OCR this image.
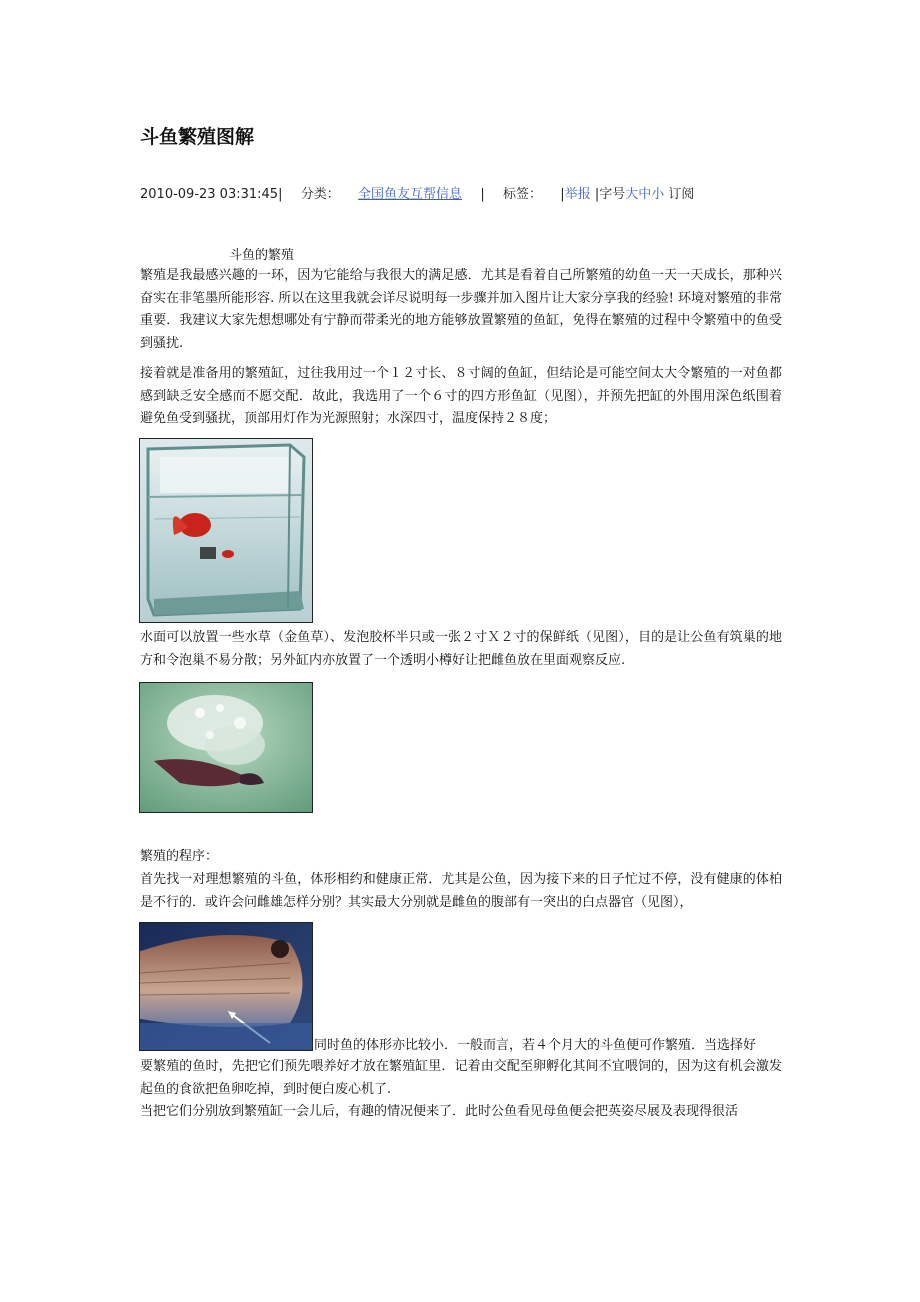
斗鱼繁殖图解
2010-09-23 03:31:45| 分类： 全国鱼友互帮信息 | 标签： |举报 |字号大中小 订阅
斗鱼的繁殖

繁殖是我最感兴趣的一环，因为它能给与我很大的满足感．尤其是看着自己所繁殖的幼鱼一天一天成长，那种兴奋实在非笔墨所能形容. 所以在这里我就会详尽说明每一步骤并加入图片让大家分享我的经验! 环境对繁殖的非常重要．我建议大家先想想哪处有宁静而带柔光的地方能够放置繁殖的鱼缸，免得在繁殖的过程中令繁殖中的鱼受到骚扰.

接着就是准备用的繁殖缸，过往我用过一个１２寸长、８寸阔的鱼缸，但结论是可能空间太大令繁殖的一对鱼都感到缺乏安全感而不愿交配．故此，我选用了一个６寸的四方形鱼缸（见图），并预先把缸的外围用深色纸围着避免鱼受到骚扰，顶部用灯作为光源照射；水深四寸，温度保持２８度；

水面可以放置一些水草（金鱼草）、发泡胶杯半只或一张２寸Ｘ２寸的保鲜纸（见图），目的是让公鱼有筑巢的地方和令泡巢不易分散；另外缸内亦放置了一个透明小樽好让把雌鱼放在里面观察反应.

繁殖的程序：

首先找一对理想繁殖的斗鱼，体形相约和健康正常．尤其是公鱼，因为接下来的日子忙过不停，没有健康的体柏是不行的．或许会问雌雄怎样分别？其实最大分别就是雌鱼的腹部有一突出的白点器官（见图），

同时鱼的体形亦比较小．一般而言，若４个月大的斗鱼便可作繁殖．当选择好

要繁殖的鱼时，先把它们预先喂养好才放在繁殖缸里．记着由交配至卵孵化其间不宜喂饲的，因为这有机会激发起鱼的食欲把鱼卵吃掉，到时便白废心机了.

当把它们分别放到繁殖缸一会儿后，有趣的情况便来了．此时公鱼看见母鱼便会把英姿尽展及表现得很活
